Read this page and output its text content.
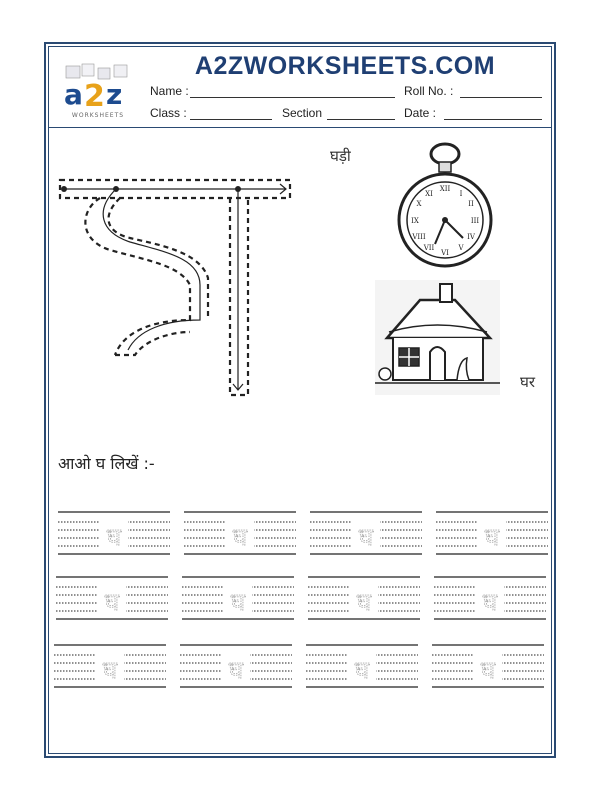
a 2 z
WORKSHEETS
A2ZWORKSHEETS.COM
Name :	Roll No. :
Class :	Section	Date :
घड़ी
XII
I
II
III
IV
V
VI
VII
VIII
IX
X
XI
घर
आओ घ लिखें :-
घ	घ	घ	घ
घ	घ	घ	घ
घ	घ	घ	घ
